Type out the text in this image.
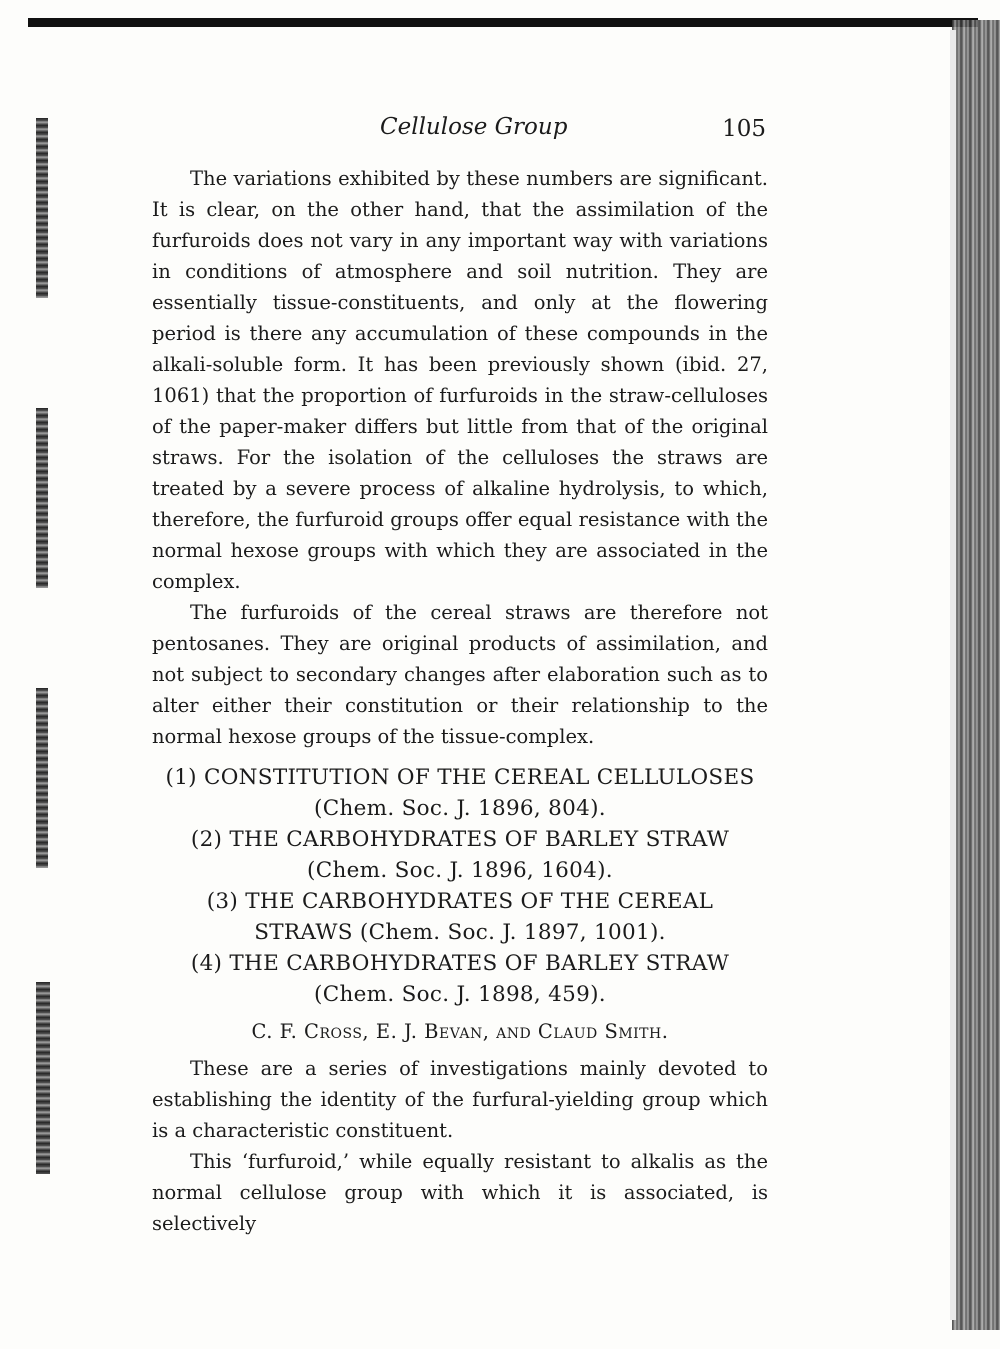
Cellulose Group	105

The variations exhibited by these numbers are significant. It is clear, on the other hand, that the assimilation of the furfuroids does not vary in any important way with variations in conditions of atmosphere and soil nutrition. They are essentially tissue-constituents, and only at the flowering period is there any accumulation of these compounds in the alkali-soluble form. It has been previously shown (ibid. 27, 1061) that the proportion of furfuroids in the straw-celluloses of the paper-maker differs but little from that of the original straws. For the isolation of the celluloses the straws are treated by a severe process of alkaline hydrolysis, to which, therefore, the furfuroid groups offer equal resistance with the normal hexose groups with which they are associated in the complex.

The furfuroids of the cereal straws are therefore not pentosanes. They are original products of assimilation, and not subject to secondary changes after elaboration such as to alter either their constitution or their relationship to the normal hexose groups of the tissue-complex.

(1) CONSTITUTION OF THE CEREAL CELLULOSES
(Chem. Soc. J. 1896, 804).
(2) THE CARBOHYDRATES OF BARLEY STRAW
(Chem. Soc. J. 1896, 1604).
(3) THE CARBOHYDRATES OF THE CEREAL
STRAWS (Chem. Soc. J. 1897, 1001).
(4) THE CARBOHYDRATES OF BARLEY STRAW
(Chem. Soc. J. 1898, 459).
C. F. Cross, E. J. Bevan, and Claud Smith.

These are a series of investigations mainly devoted to establishing the identity of the furfural-yielding group which is a characteristic constituent.

This ‘furfuroid,’ while equally resistant to alkalis as the normal cellulose group with which it is associated, is selectively
